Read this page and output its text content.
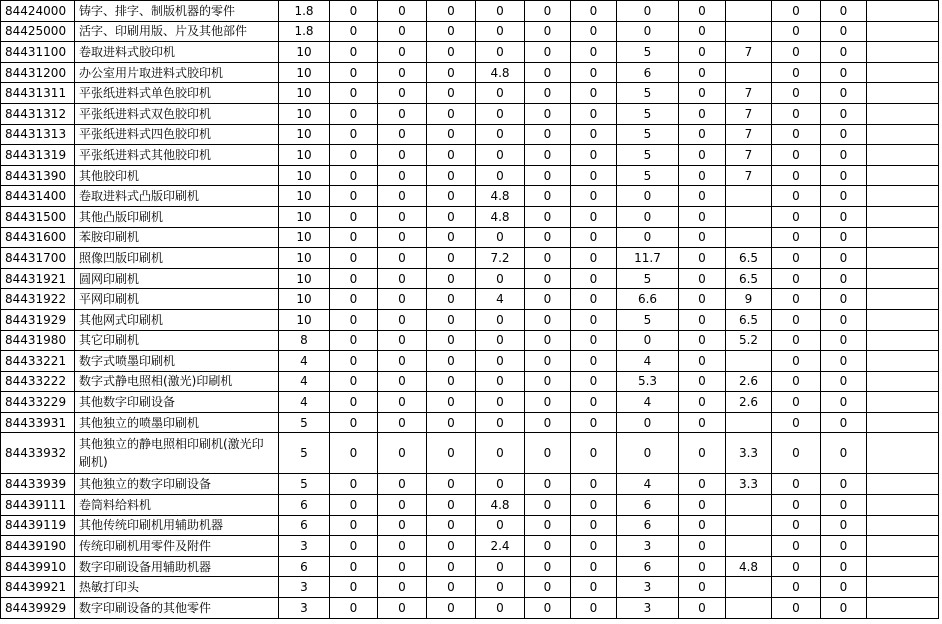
84424000	铸字、排字、制版机器的零件	1.8	0	0	0	0	0	0	0	0		0	0	
84425000	活字、印刷用版、片及其他部件	1.8	0	0	0	0	0	0	0	0		0	0	
84431100	卷取进料式胶印机	10	0	0	0	0	0	0	5	0	7	0	0	
84431200	办公室用片取进料式胶印机	10	0	0	0	4.8	0	0	6	0		0	0	
84431311	平张纸进料式单色胶印机	10	0	0	0	0	0	0	5	0	7	0	0	
84431312	平张纸进料式双色胶印机	10	0	0	0	0	0	0	5	0	7	0	0	
84431313	平张纸进料式四色胶印机	10	0	0	0	0	0	0	5	0	7	0	0	
84431319	平张纸进料式其他胶印机	10	0	0	0	0	0	0	5	0	7	0	0	
84431390	其他胶印机	10	0	0	0	0	0	0	5	0	7	0	0	
84431400	卷取进料式凸版印刷机	10	0	0	0	4.8	0	0	0	0		0	0	
84431500	其他凸版印刷机	10	0	0	0	4.8	0	0	0	0		0	0	
84431600	苯胺印刷机	10	0	0	0	0	0	0	0	0		0	0	
84431700	照像凹版印刷机	10	0	0	0	7.2	0	0	11.7	0	6.5	0	0	
84431921	圆网印刷机	10	0	0	0	0	0	0	5	0	6.5	0	0	
84431922	平网印刷机	10	0	0	0	4	0	0	6.6	0	9	0	0	
84431929	其他网式印刷机	10	0	0	0	0	0	0	5	0	6.5	0	0	
84431980	其它印刷机	8	0	0	0	0	0	0	0	0	5.2	0	0	
84433221	数字式喷墨印刷机	4	0	0	0	0	0	0	4	0		0	0	
84433222	数字式静电照相(激光)印刷机	4	0	0	0	0	0	0	5.3	0	2.6	0	0	
84433229	其他数字印刷设备	4	0	0	0	0	0	0	4	0	2.6	0	0	
84433931	其他独立的喷墨印刷机	5	0	0	0	0	0	0	0	0		0	0	
84433932	其他独立的静电照相印刷机(激光印刷机)	5	0	0	0	0	0	0	0	0	3.3	0	0	
84433939	其他独立的数字印刷设备	5	0	0	0	0	0	0	4	0	3.3	0	0	
84439111	卷筒料给料机	6	0	0	0	4.8	0	0	6	0		0	0	
84439119	其他传统印刷机用辅助机器	6	0	0	0	0	0	0	6	0		0	0	
84439190	传统印刷机用零件及附件	3	0	0	0	2.4	0	0	3	0		0	0	
84439910	数字印刷设备用辅助机器	6	0	0	0	0	0	0	6	0	4.8	0	0	
84439921	热敏打印头	3	0	0	0	0	0	0	3	0		0	0	
84439929	数字印刷设备的其他零件	3	0	0	0	0	0	0	3	0		0	0	
